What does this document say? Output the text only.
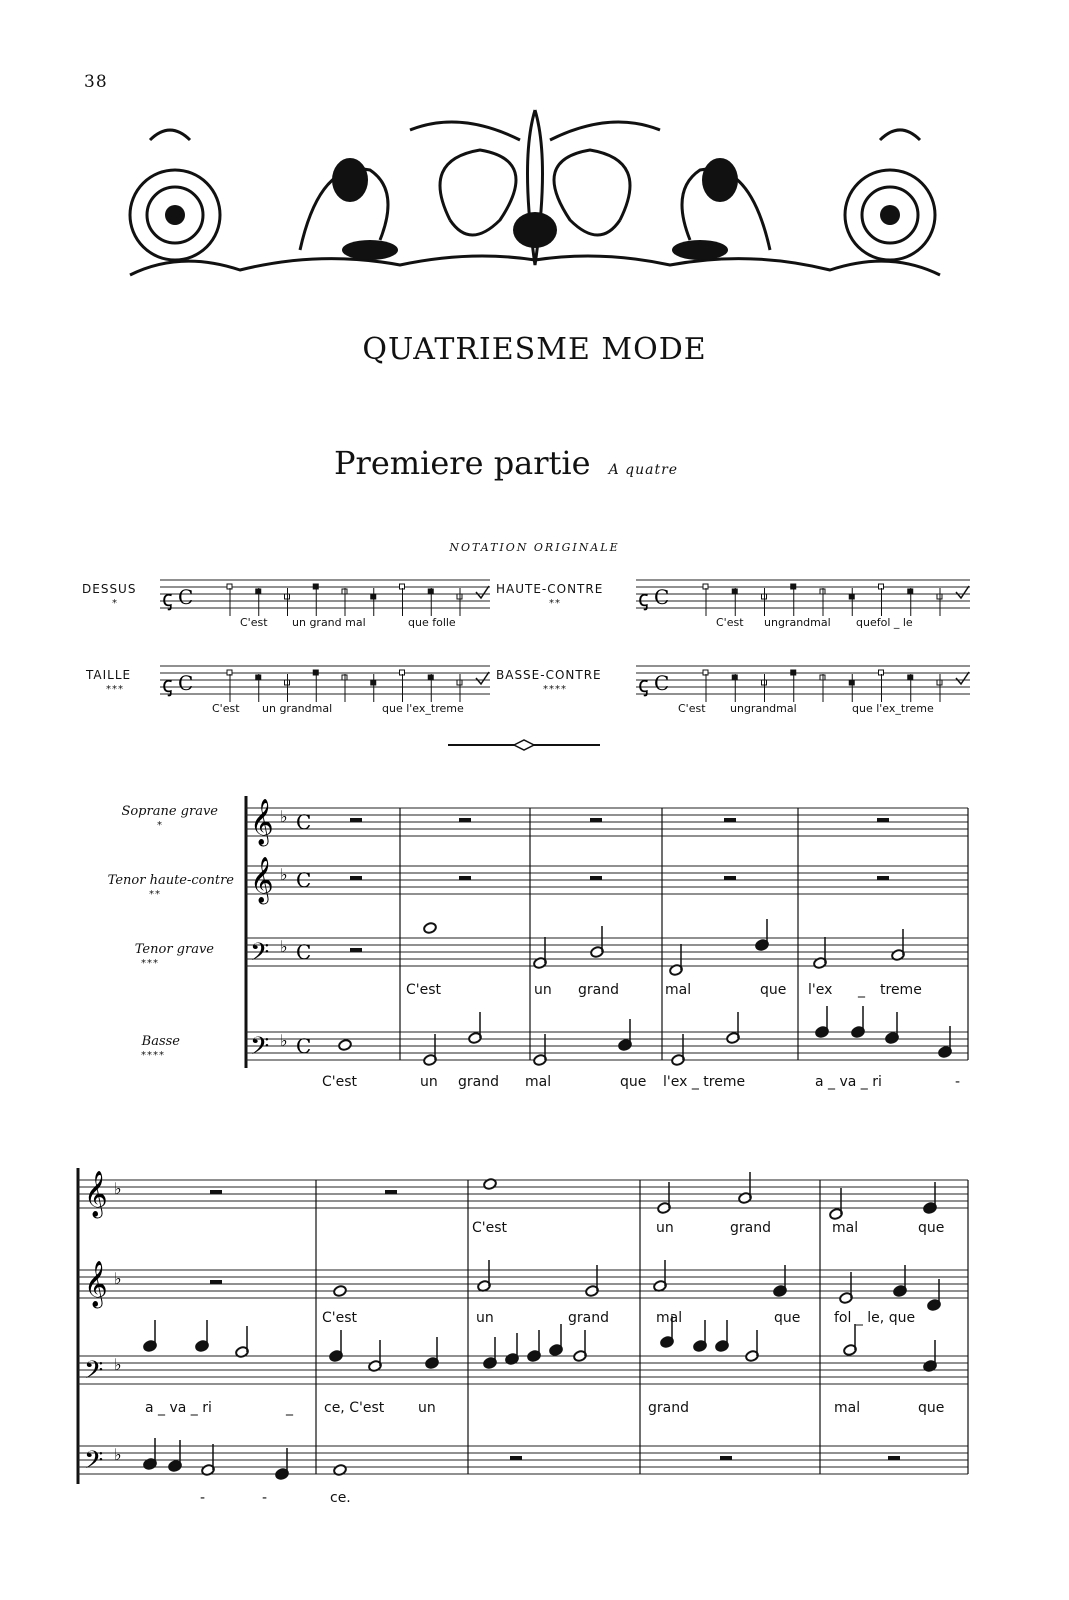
38
QUATRIESME MODE
Premiere partie A quatre
NOTATION ORIGINALE
DESSUS
*
HAUTE-CONTRE
**
TAILLE
***
BASSE-CONTRE
****
C'est un grand mal	que folle	C'est ungrandmal quefol _ le
C'est un grandmal	que l'ex_treme	C'est ungrandmal	que l'ex_treme
Soprane grave
*
Tenor haute-contre
**
Tenor grave
***
Basse
****
C'est	un grand	mal	que l'ex _ treme
C'est	un grand mal	que l'ex _ treme	a _ va _ ri	-
C'est	un	grand	mal	que
C'est	un	grand	mal	que fol _ le, que
a _ va _ ri	_ ce, C'est un	grand	mal	que
-	-	ce.
ꞔ C	ꞔ C
ꞔ C	ꞔ C
𝄞 ♭ C
𝄞 ♭ C
𝄢 ♭ C
𝄢 ♭ C
𝄞 ♭
𝄞 ♭
𝄢 ♭
𝄢 ♭
